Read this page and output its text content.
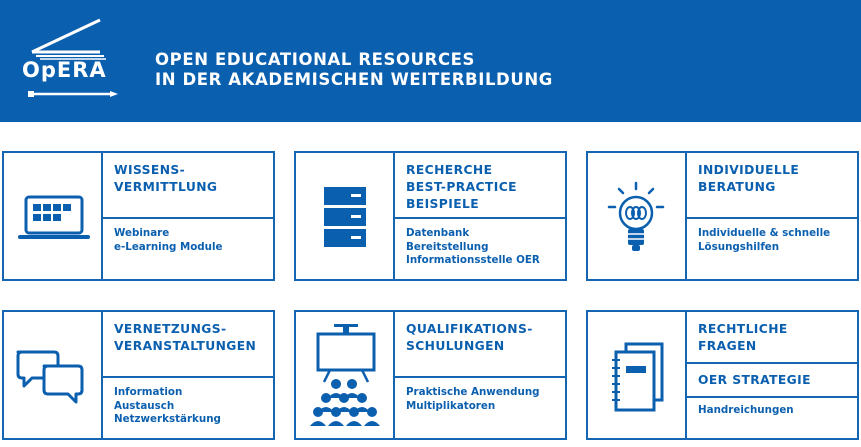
OpERA	OPEN EDUCATIONAL RESOURCES
IN DER AKADEMISCHEN WEITERBILDUNG
WISSENS-
VERMITTLUNG
Webinare
e-Learning Module
RECHERCHE
BEST-PRACTICE
BEISPIELE
Datenbank
Bereitstellung
Informationsstelle OER
INDIVIDUELLE
BERATUNG
Individuelle & schnelle
Lösungshilfen
VERNETZUNGS-
VERANSTALTUNGEN
Information
Austausch
Netzwerkstärkung
QUALIFIKATIONS-
SCHULUNGEN
Praktische Anwendung
Multiplikatoren
RECHTLICHE
FRAGEN
OER STRATEGIE
Handreichungen
